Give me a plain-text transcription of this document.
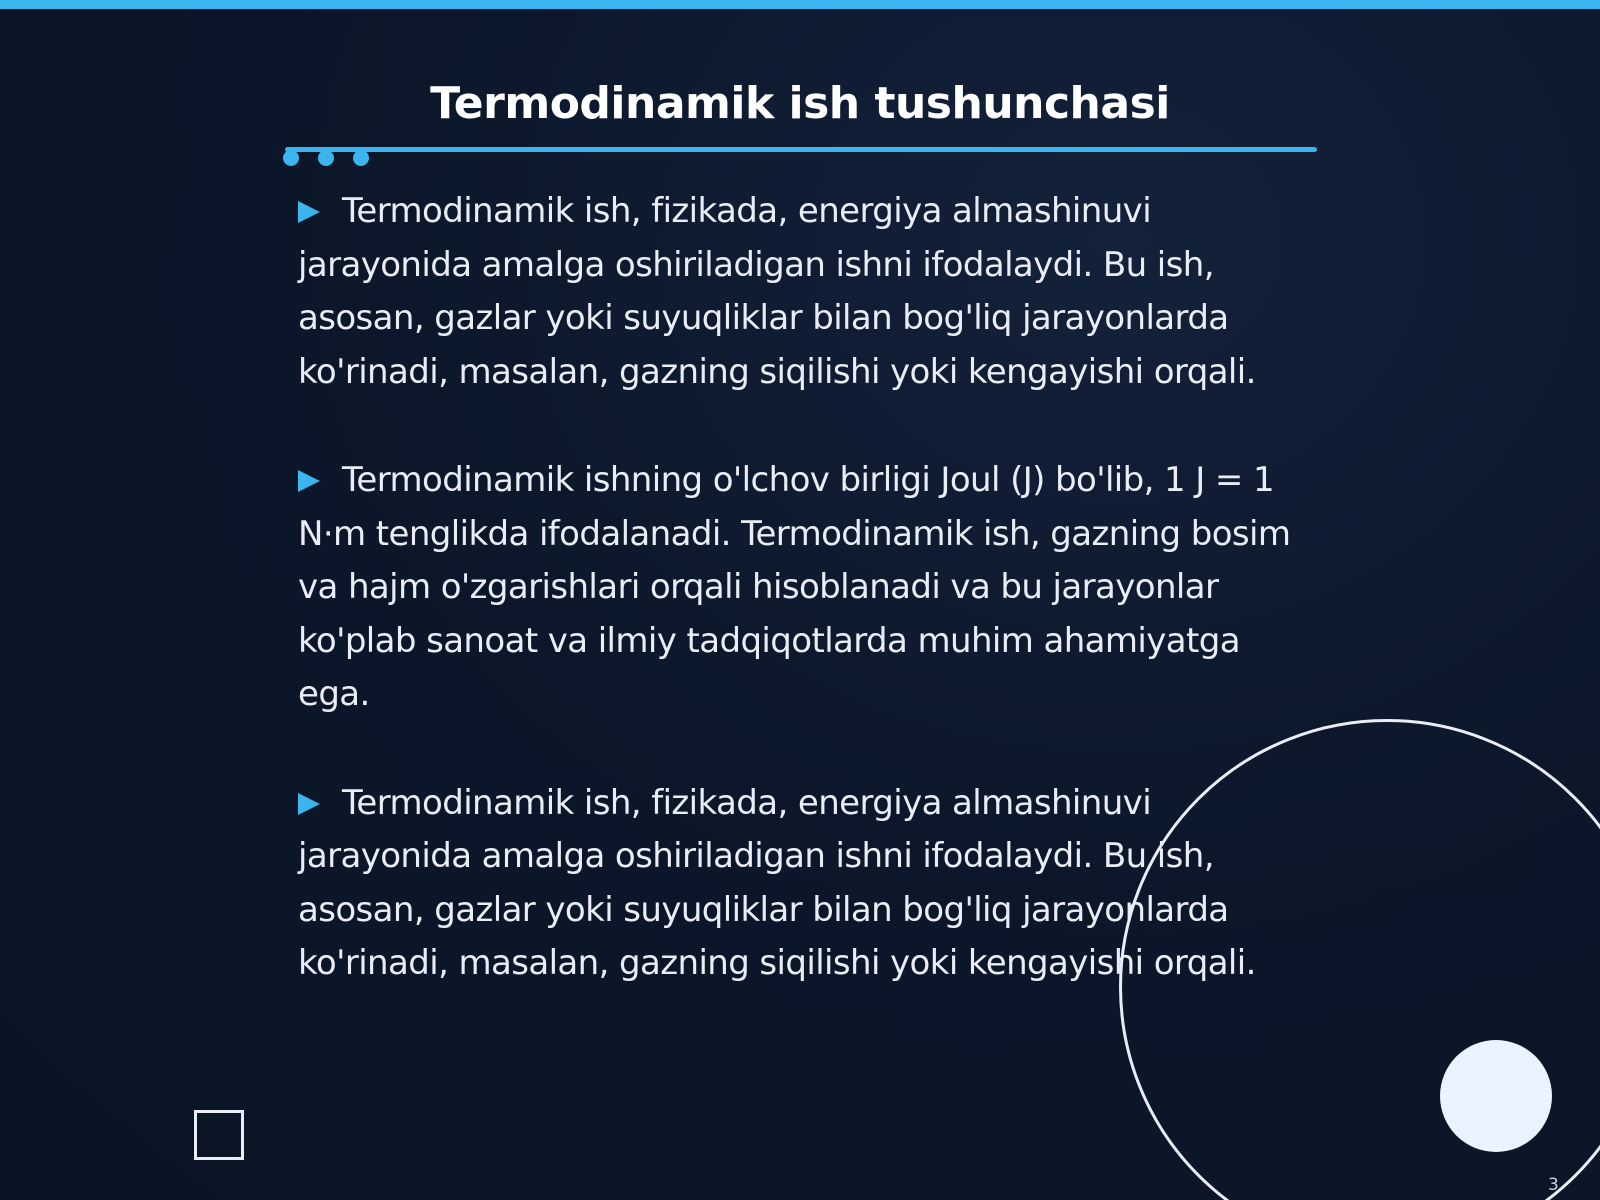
Termodinamik ish tushunchasi

Termodinamik ish, fizikada, energiya almashinuvi jarayonida amalga oshiriladigan ishni ifodalaydi. Bu ish, asosan, gazlar yoki suyuqliklar bilan bog'liq jarayonlarda ko'rinadi, masalan, gazning siqilishi yoki kengayishi orqali.

Termodinamik ishning o'lchov birligi Joul (J) bo'lib, 1 J = 1 N·m tenglikda ifodalanadi. Termodinamik ish, gazning bosim va hajm o'zgarishlari orqali hisoblanadi va bu jarayonlar ko'plab sanoat va ilmiy tadqiqotlarda muhim ahamiyatga ega.

Termodinamik ish, fizikada, energiya almashinuvi jarayonida amalga oshiriladigan ishni ifodalaydi. Bu ish, asosan, gazlar yoki suyuqliklar bilan bog'liq jarayonlarda ko'rinadi, masalan, gazning siqilishi yoki kengayishi orqali.

3
